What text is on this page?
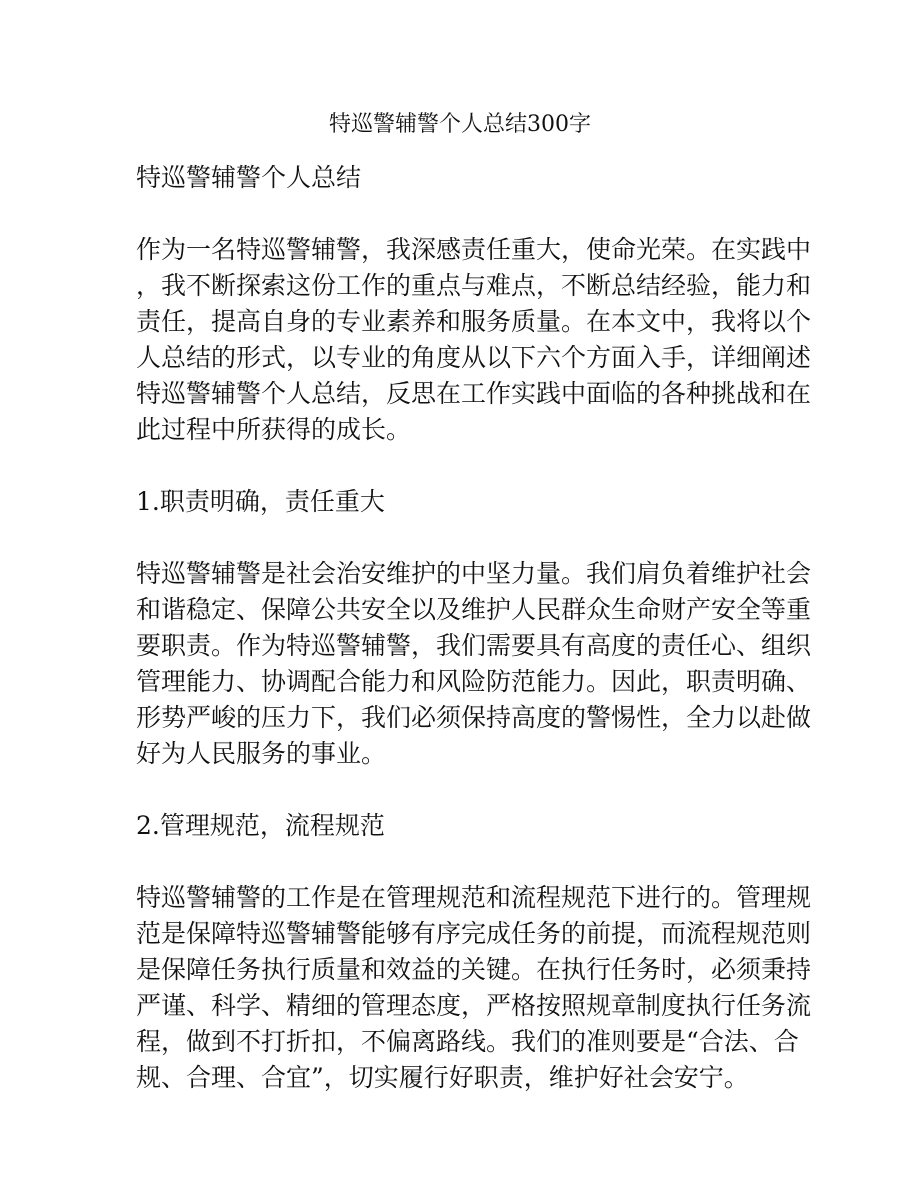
特巡警辅警个人总结300字

特巡警辅警个人总结

作为一名特巡警辅警，我深感责任重大，使命光荣。在实践中

，我不断探索这份工作的重点与难点，不断总结经验，能力和

责任，提高自身的专业素养和服务质量。在本文中，我将以个

人总结的形式，以专业的角度从以下六个方面入手，详细阐述

特巡警辅警个人总结，反思在工作实践中面临的各种挑战和在

此过程中所获得的成长。

1.职责明确，责任重大

特巡警辅警是社会治安维护的中坚力量。我们肩负着维护社会

和谐稳定、保障公共安全以及维护人民群众生命财产安全等重

要职责。作为特巡警辅警，我们需要具有高度的责任心、组织

管理能力、协调配合能力和风险防范能力。因此，职责明确、

形势严峻的压力下，我们必须保持高度的警惕性，全力以赴做

好为人民服务的事业。

2.管理规范，流程规范

特巡警辅警的工作是在管理规范和流程规范下进行的。管理规

范是保障特巡警辅警能够有序完成任务的前提，而流程规范则

是保障任务执行质量和效益的关键。在执行任务时，必须秉持

严谨、科学、精细的管理态度，严格按照规章制度执行任务流

程，做到不打折扣，不偏离路线。我们的准则要是“合法、合

规、合理、合宜”，切实履行好职责，维护好社会安宁。
